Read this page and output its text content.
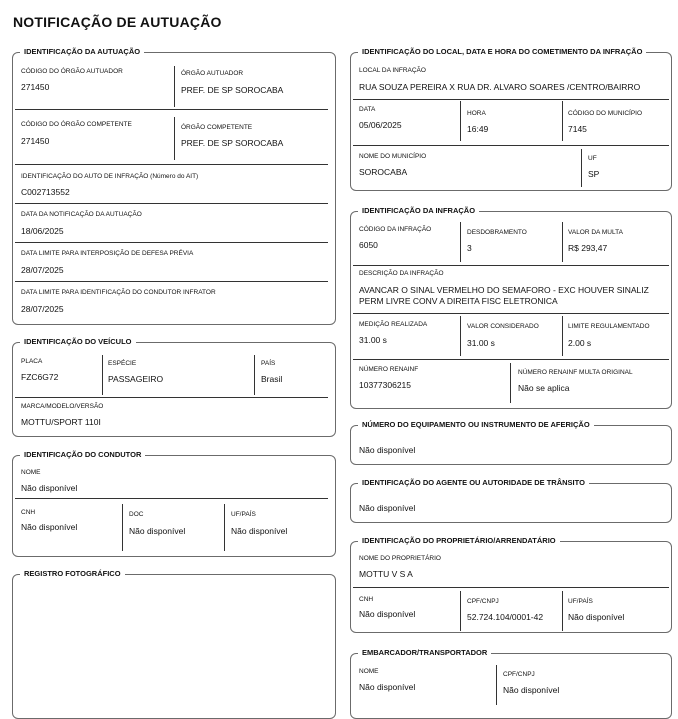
NOTIFICAÇÃO DE AUTUAÇÃO
IDENTIFICAÇÃO DA AUTUAÇÃO
CÓDIGO DO ÓRGÃO AUTUADOR
271450
ÓRGÃO AUTUADOR
PREF. DE SP SOROCABA
CÓDIGO DO ÓRGÃO COMPETENTE
271450
ÓRGÃO COMPETENTE
PREF. DE SP SOROCABA
IDENTIFICAÇÃO DO AUTO DE INFRAÇÃO (Número do AIT)
C002713552
DATA DA NOTIFICAÇÃO DA AUTUAÇÃO
18/06/2025
DATA LIMITE PARA INTERPOSIÇÃO DE DEFESA PRÉVIA
28/07/2025
DATA LIMITE PARA IDENTIFICAÇÃO DO CONDUTOR INFRATOR
28/07/2025
IDENTIFICAÇÃO DO VEÍCULO
PLACA
FZC6G72
ESPÉCIE
PASSAGEIRO
PAÍS
Brasil
MARCA/MODELO/VERSÃO
MOTTU/SPORT 110I
IDENTIFICAÇÃO DO CONDUTOR
NOME
Não disponível
CNH
Não disponível
DOC
Não disponível
UF/PAÍS
Não disponível
REGISTRO FOTOGRÁFICO
IDENTIFICAÇÃO DO LOCAL, DATA E HORA DO COMETIMENTO DA INFRAÇÃO
LOCAL DA INFRAÇÃO
RUA SOUZA PEREIRA X RUA DR. ALVARO SOARES /CENTRO/BAIRRO
DATA
05/06/2025
HORA
16:49
CÓDIGO DO MUNICÍPIO
7145
NOME DO MUNICÍPIO
SOROCABA
UF
SP
IDENTIFICAÇÃO DA INFRAÇÃO
CÓDIGO DA INFRAÇÃO
6050
DESDOBRAMENTO
3
VALOR DA MULTA
R$ 293,47
DESCRIÇÃO DA INFRAÇÃO
AVANCAR O SINAL VERMELHO DO SEMAFORO - EXC HOUVER SINALIZ
PERM LIVRE CONV A DIREITA FISC ELETRONICA
MEDIÇÃO REALIZADA
31.00 s
VALOR CONSIDERADO
31.00 s
LIMITE REGULAMENTADO
2.00 s
NÚMERO RENAINF
10377306215
NÚMERO RENAINF MULTA ORIGINAL
Não se aplica
NÚMERO DO EQUIPAMENTO OU INSTRUMENTO DE AFERIÇÃO
Não disponível
IDENTIFICAÇÃO DO AGENTE OU AUTORIDADE DE TRÂNSITO
Não disponível
IDENTIFICAÇÃO DO PROPRIETÁRIO/ARRENDATÁRIO
NOME DO PROPRIETÁRIO
MOTTU V S A
CNH
Não disponível
CPF/CNPJ
52.724.104/0001-42
UF/PAÍS
Não disponível
EMBARCADOR/TRANSPORTADOR
NOME
Não disponível
CPF/CNPJ
Não disponível
